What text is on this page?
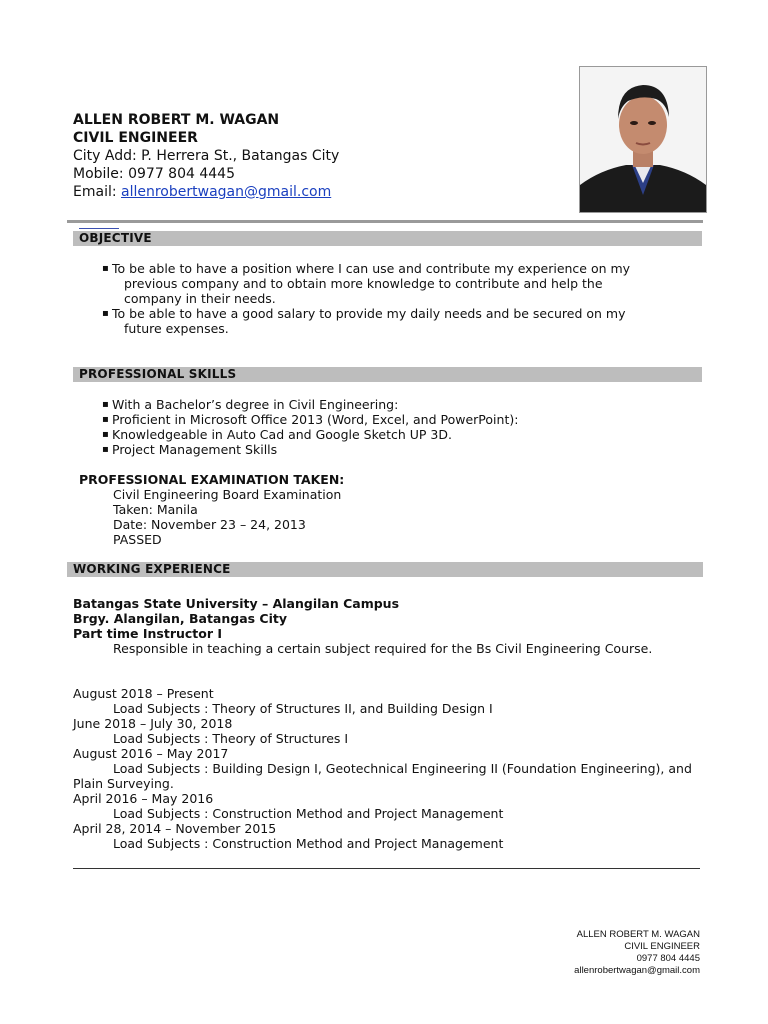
ALLEN ROBERT M. WAGAN
CIVIL ENGINEER
City Add: P. Herrera St., Batangas City
Mobile: 0977 804 4445
Email: allenrobertwagan@gmail.com
OBJECTIVE
▪ To be able to have a position where I can use and contribute my experience on my
previous company and to obtain more knowledge to contribute and help the
company in their needs.
▪ To be able to have a good salary to provide my daily needs and be secured on my
future expenses.
PROFESSIONAL SKILLS
▪ With a Bachelor’s degree in Civil Engineering:
▪ Proficient in Microsoft Office 2013 (Word, Excel, and PowerPoint):
▪ Knowledgeable in Auto Cad and Google Sketch UP 3D.
▪ Project Management Skills
PROFESSIONAL EXAMINATION TAKEN:
Civil Engineering Board Examination
Taken: Manila
Date: November 23 – 24, 2013
PASSED
WORKING EXPERIENCE
Batangas State University – Alangilan Campus
Brgy. Alangilan, Batangas City
Part time Instructor I
Responsible in teaching a certain subject required for the Bs Civil Engineering Course.
August 2018 – Present
Load Subjects : Theory of Structures II, and Building Design I
June 2018 – July 30, 2018
Load Subjects : Theory of Structures I
August 2016 – May 2017
Load Subjects : Building Design I, Geotechnical Engineering II (Foundation Engineering), and
Plain Surveying.
April 2016 – May 2016
Load Subjects : Construction Method and Project Management
April 28, 2014 – November 2015
Load Subjects : Construction Method and Project Management
ALLEN ROBERT M. WAGAN
CIVIL ENGINEER
0977 804 4445
allenrobertwagan@gmail.com
